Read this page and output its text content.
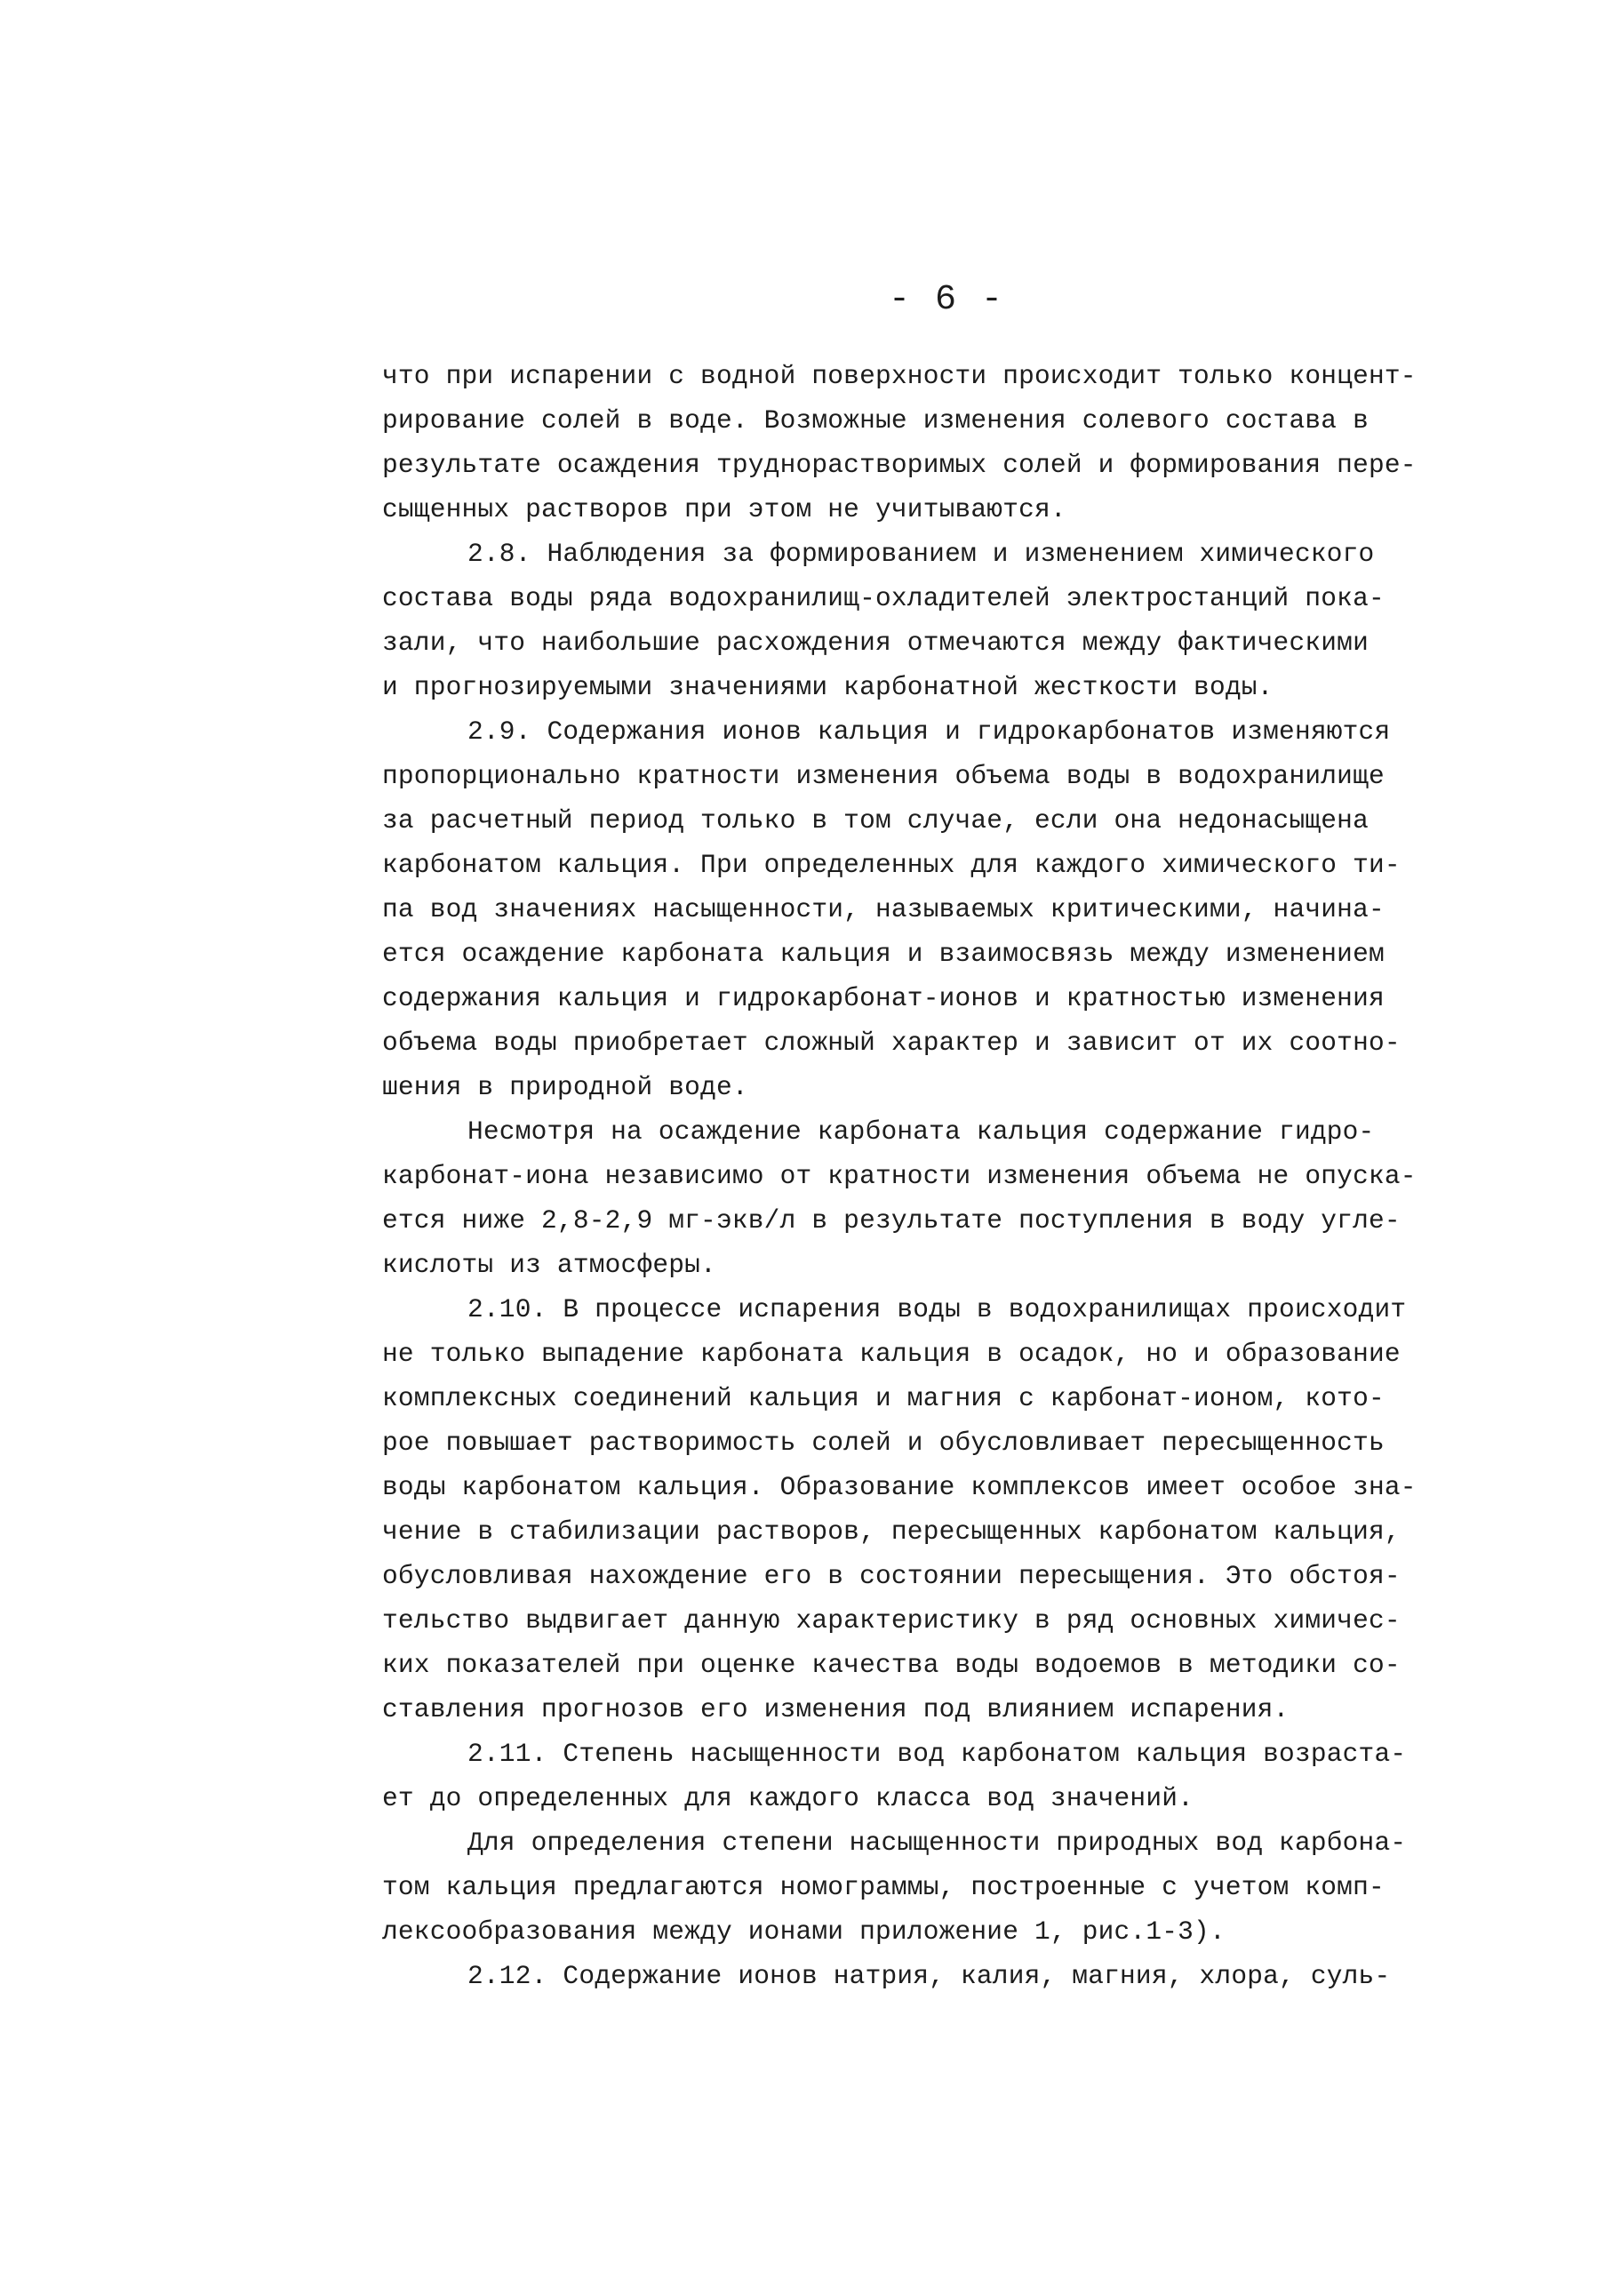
- 6 -
что при испарении с водной поверхности происходит только концент-
рирование солей в воде. Возможные изменения солевого состава в
результате осаждения труднорастворимых солей и формирования пере-
сыщенных растворов при этом не учитываются.
2.8. Наблюдения за формированием и изменением химического
состава воды ряда водохранилищ-охладителей электростанций пока-
зали, что наибольшие расхождения отмечаются между фактическими
и прогнозируемыми значениями карбонатной жесткости воды.
2.9. Содержания ионов кальция и гидрокарбонатов изменяются
пропорционально кратности изменения объема воды в водохранилище
за расчетный период только в том случае, если она недонасыщена
карбонатом кальция. При определенных для каждого химического ти-
па вод значениях насыщенности, называемых критическими, начина-
ется осаждение карбоната кальция и взаимосвязь между изменением
содержания кальция и гидрокарбонат-ионов и кратностью изменения
объема воды приобретает сложный характер и зависит от их соотно-
шения в природной воде.
Несмотря на осаждение карбоната кальция содержание гидро-
карбонат-иона независимо от кратности изменения объема не опуска-
ется ниже 2,8-2,9 мг-экв/л в результате поступления в воду угле-
кислоты из атмосферы.
2.10. В процессе испарения воды в водохранилищах происходит
не только выпадение карбоната кальция в осадок, но и образование
комплексных соединений кальция и магния с карбонат-ионом, кото-
рое повышает растворимость солей и обусловливает пересыщенность
воды карбонатом кальция. Образование комплексов имеет особое зна-
чение в стабилизации растворов, пересыщенных карбонатом кальция,
обусловливая нахождение его в состоянии пересыщения. Это обстоя-
тельство выдвигает данную характеристику в ряд основных химичес-
ких показателей при оценке качества воды водоемов в методики со-
ставления прогнозов его изменения под влиянием испарения.
2.11. Степень насыщенности вод карбонатом кальция возраста-
ет до определенных для каждого класса вод значений.
Для определения степени насыщенности природных вод карбона-
том кальция предлагаются номограммы, построенные с учетом комп-
лексообразования между ионами приложение 1, рис.1-3).
2.12. Содержание ионов натрия, калия, магния, хлора, суль-
